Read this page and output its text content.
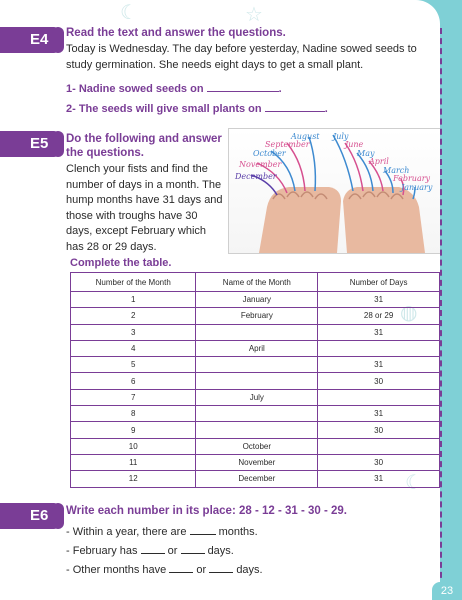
☾	☆
◍
☾
E4	Read the text and answer the questions.
Today is Wednesday. The day before yesterday, Nadine sowed seeds to study germination. She needs eight days to get a small plant.
1- Nadine sowed seeds on	.
2- The seeds will give small plants on	.
E5	Do the following and answer the questions.
Clench your fists and find the number of days in a month. The hump months have 31 days and those with troughs have 30 days, except February which has 28 or 29 days.
December
November
October
September
August July
June
May
April
March
February
January
Complete the table.
Number of the Month	Name of the Month	Number of Days
1	January	31
2	February	28 or 29
3		31
4	April	
5		31
6		30
7	July	
8		31
9		30
10	October	
11	November	30
12	December	31
E6	Write each number in its place: 28 - 12 - 31 - 30 - 29.
- Within a year, there are	months.
- February has	or	days.
- Other months have	or	days.
23
